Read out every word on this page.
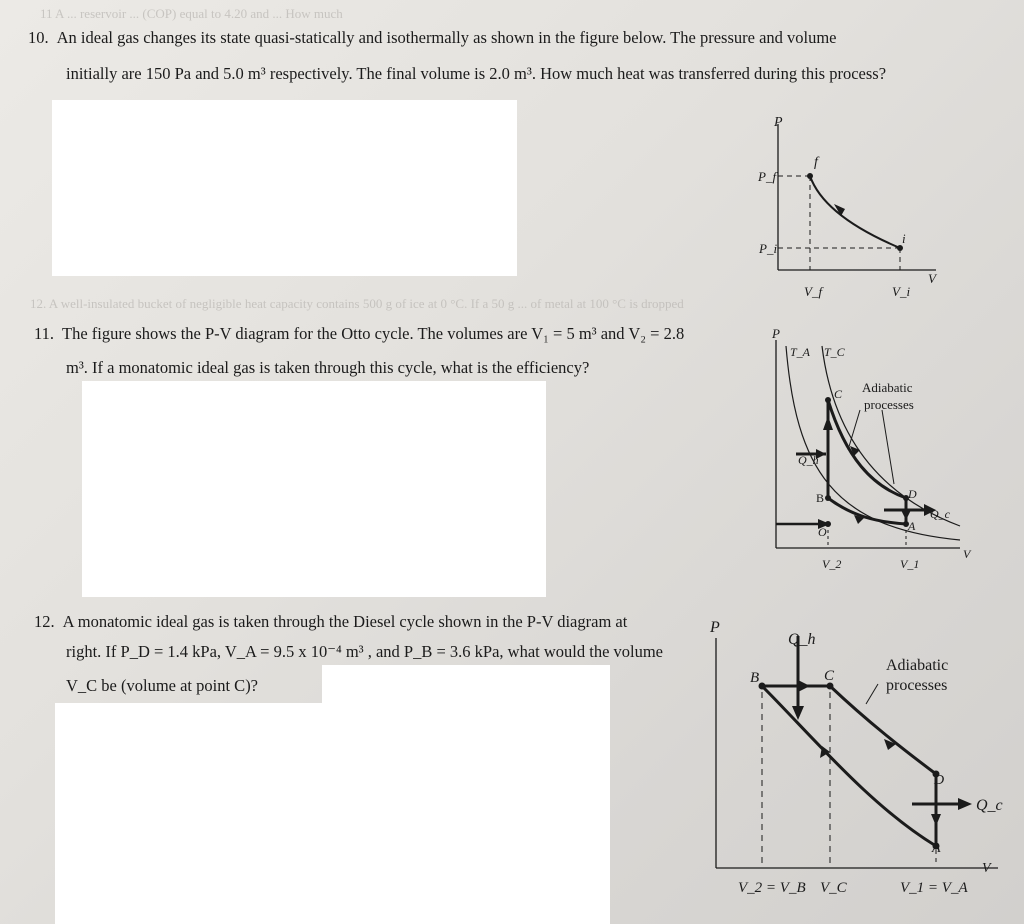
11 A ... reservoir ... (COP) equal to 4.20 and ... How much
12. A well-insulated bucket of negligible heat capacity contains 500 g of ice at 0 °C. If a 50 g ... of metal at 100 °C is dropped
10. An ideal gas changes its state quasi-statically and isothermally as shown in the figure below. The pressure and volume
initially are 150 Pa and 5.0 m³ respectively. The final volume is 2.0 m³. How much heat was transferred during this process?
P
V
P_f
P_i
f
i
V_f	V_i
11. The figure shows the P-V diagram for the Otto cycle. The volumes are V₁ = 5 m³ and V₂ = 2.8
m³. If a monatomic ideal gas is taken through this cycle, what is the efficiency?
P
V
T_A T_C
Adiabatic
processes
C
B	D
A
O
Q_h
Q_c
V_2	V_1
12. A monatomic ideal gas is taken through the Diesel cycle shown in the P-V diagram at
right. If P_D = 1.4 kPa, V_A = 9.5 x 10⁻⁴ m³ , and P_B = 3.6 kPa, what would the volume
V_C be (volume at point C)?
P
V
Q_h
B	C
D
A
Q_c
Adiabatic
processes
V_2 = V_B V_C	V_1 = V_A
